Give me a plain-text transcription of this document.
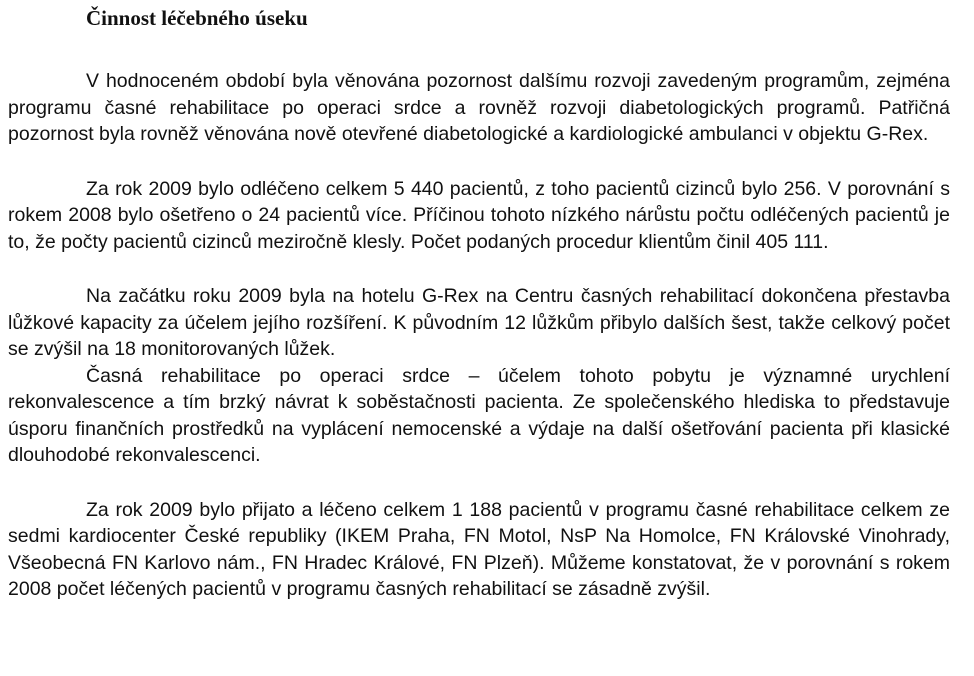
Činnost léčebného úseku

V hodnoceném období byla věnována pozornost dalšímu rozvoji zavedeným programům, zejména programu časné rehabilitace po operaci srdce a rovněž rozvoji diabetologických programů. Patřičná pozornost byla rovněž věnována nově otevřené diabetologické a kardiologické ambulanci v objektu G-Rex.

Za rok 2009 bylo odléčeno celkem 5 440 pacientů, z toho pacientů cizinců bylo 256. V porovnání s rokem 2008 bylo ošetřeno o 24 pacientů více. Příčinou tohoto nízkého nárůstu počtu odléčených pacientů je to, že počty pacientů cizinců meziročně klesly. Počet podaných procedur klientům činil 405 111.

Na začátku roku 2009 byla na hotelu G-Rex na Centru časných rehabilitací dokončena přestavba lůžkové kapacity za účelem jejího rozšíření. K původním 12 lůžkům přibylo dalších šest, takže celkový počet se zvýšil na 18 monitorovaných lůžek.

Časná rehabilitace po operaci srdce – účelem tohoto pobytu je významné urychlení rekonvalescence a tím brzký návrat k soběstačnosti pacienta. Ze společenského hlediska to představuje úsporu finančních prostředků na vyplácení nemocenské a výdaje na další ošetřování pacienta při klasické dlouhodobé rekonvalescenci.

Za rok 2009 bylo přijato a léčeno celkem 1 188 pacientů v programu časné rehabilitace celkem ze sedmi kardiocenter České republiky (IKEM Praha, FN Motol, NsP Na Homolce, FN Královské Vinohrady, Všeobecná FN Karlovo nám., FN Hradec Králové, FN Plzeň). Můžeme konstatovat, že v porovnání s rokem 2008 počet léčených pacientů v programu časných rehabilitací se zásadně zvýšil.
